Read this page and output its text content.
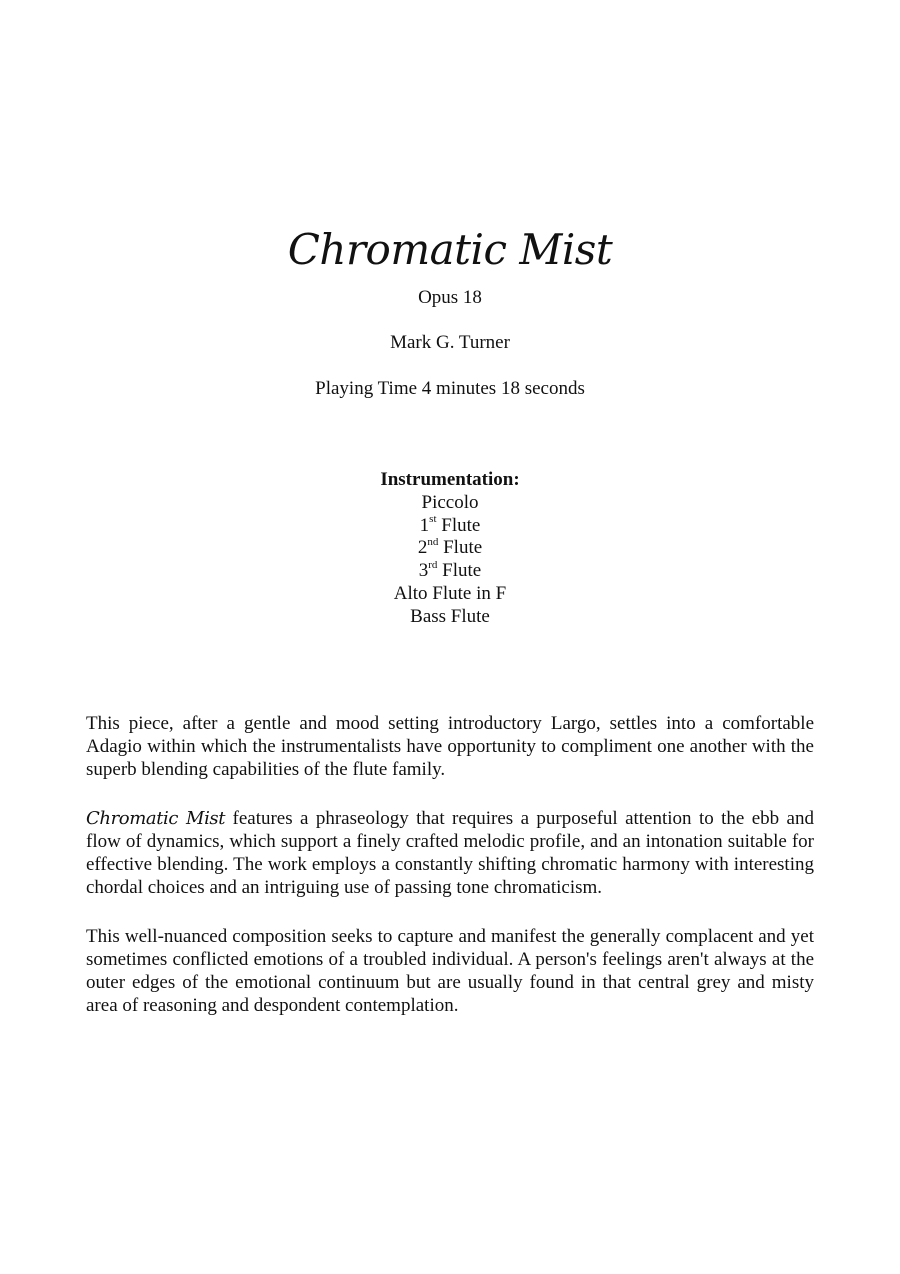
Chromatic Mist
Opus 18
Mark G. Turner
Playing Time 4 minutes 18 seconds
Instrumentation:
Piccolo
1st Flute
2nd Flute
3rd Flute
Alto Flute in F
Bass Flute

This piece, after a gentle and mood setting introductory Largo, settles into a comfortable Adagio within which the instrumentalists have opportunity to compliment one another with the superb blending capabilities of the flute family.

Chromatic Mist features a phraseology that requires a purposeful attention to the ebb and flow of dynamics, which support a finely crafted melodic profile, and an intonation suitable for effective blending. The work employs a constantly shifting chromatic harmony with interesting chordal choices and an intriguing use of passing tone chromaticism.

This well-nuanced composition seeks to capture and manifest the generally complacent and yet sometimes conflicted emotions of a troubled individual. A person's feelings aren't always at the outer edges of the emotional continuum but are usually found in that central grey and misty area of reasoning and despondent contemplation.
